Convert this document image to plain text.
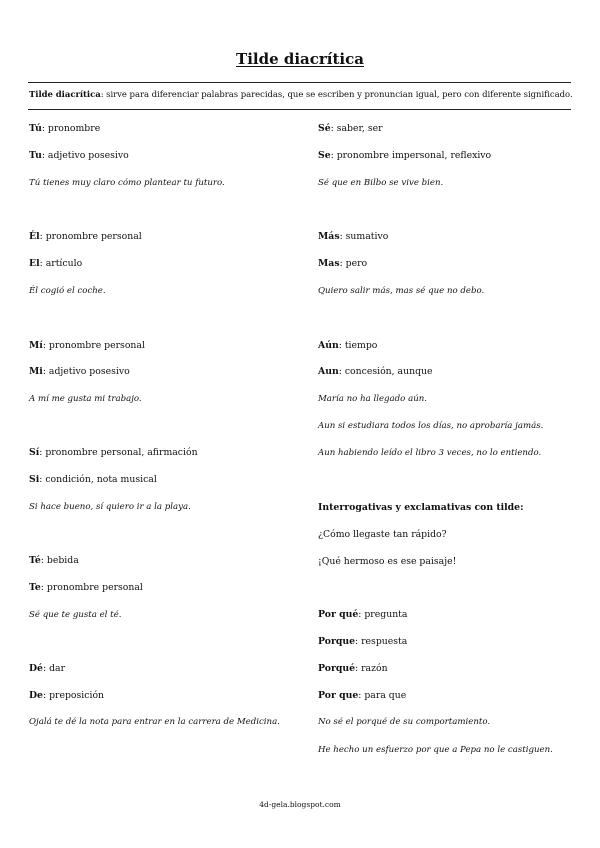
Tilde diacrítica
Tilde diacrítica: sirve para diferenciar palabras parecidas, que se escriben y pronuncian igual, pero con diferente significado.
Tú: pronombre
Tu: adjetivo posesivo
Tú tienes muy claro cómo plantear tu futuro.
Él: pronombre personal
El: artículo
Él cogió el coche.
Mí: pronombre personal
Mi: adjetivo posesivo
A mí me gusta mi trabajo.
Sí: pronombre personal, afirmación
Si: condición, nota musical
Si hace bueno, sí quiero ir a la playa.
Té: bebida
Te: pronombre personal
Sé que te gusta el té.
Dé: dar
De: preposición
Ojalá te dé la nota para entrar en la carrera de Medicina.
Sé: saber, ser
Se: pronombre impersonal, reflexivo
Sé que en Bilbo se vive bien.
Más: sumativo
Mas: pero
Quiero salir más, mas sé que no debo.
Aún: tiempo
Aun: concesión, aunque
María no ha llegado aún.
Aun si estudiara todos los días, no aprobaría jamás.
Aun habiendo leído el libro 3 veces, no lo entiendo.
Interrogativas y exclamativas con tilde:
¿Cómo llegaste tan rápido?
¡Qué hermoso es ese paisaje!
Por qué: pregunta
Porque: respuesta
Porqué: razón
Por que: para que
No sé el porqué de su comportamiento.
He hecho un esfuerzo por que a Pepa no le castiguen.
4d-gela.blogspot.com
